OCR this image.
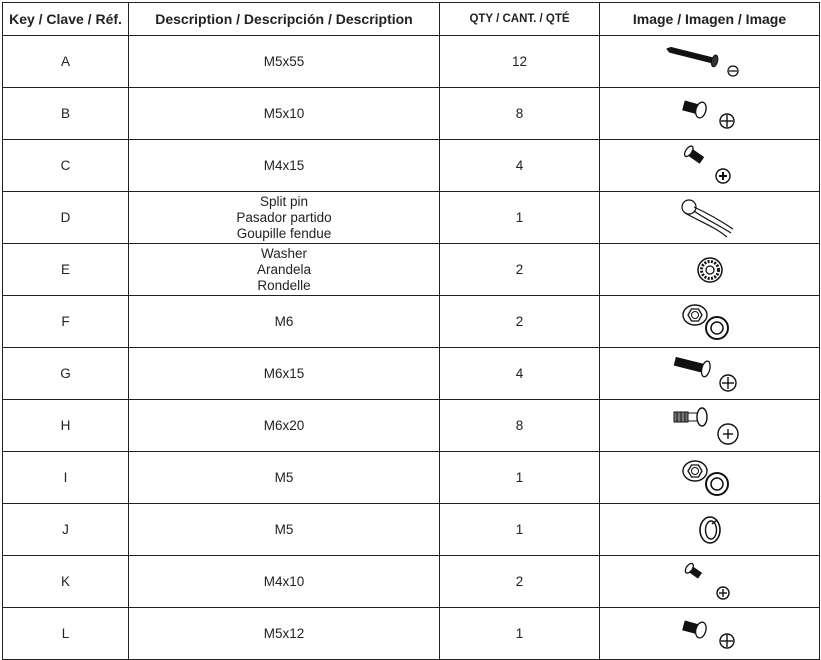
Key / Clave / Réf.	Description / Descripción / Description	QTY / CANT. / QTÉ	Image / Imagen / Image
A	M5x55	12	

B	M5x10	8	

C	M4x15	4	

D	Split pin
Pasador partido
Goupille fendue	1	

E	Washer
Arandela
Rondelle	2	

F	M6	2	

G	M6x15	4	

H	M6x20	8	

I	M5	1	

J	M5	1	

K	M4x10	2	

L	M5x12	1	
